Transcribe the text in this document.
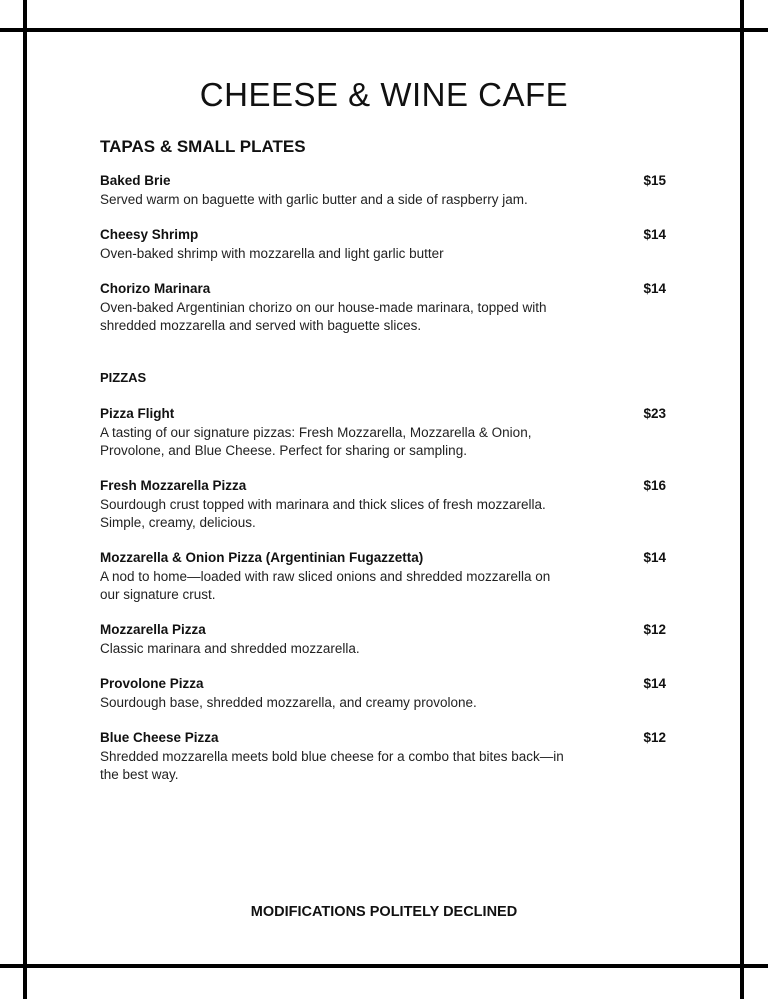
CHEESE & WINE CAFE
TAPAS & SMALL PLATES
Baked Brie	$15
Served warm on baguette with garlic butter and a side of raspberry jam.
Cheesy Shrimp	$14
Oven-baked shrimp with mozzarella and light garlic butter
Chorizo Marinara	$14
Oven-baked Argentinian chorizo on our house-made marinara, topped with shredded mozzarella and served with baguette slices.
PIZZAS
Pizza Flight	$23
A tasting of our signature pizzas: Fresh Mozzarella, Mozzarella & Onion, Provolone, and Blue Cheese. Perfect for sharing or sampling.
Fresh Mozzarella Pizza	$16
Sourdough crust topped with marinara and thick slices of fresh mozzarella. Simple, creamy, delicious.
Mozzarella & Onion Pizza (Argentinian Fugazzetta)	$14
A nod to home—loaded with raw sliced onions and shredded mozzarella on our signature crust.
Mozzarella Pizza	$12
Classic marinara and shredded mozzarella.
Provolone Pizza	$14
Sourdough base, shredded mozzarella, and creamy provolone.
Blue Cheese Pizza	$12
Shredded mozzarella meets bold blue cheese for a combo that bites back—in the best way.
MODIFICATIONS POLITELY DECLINED
